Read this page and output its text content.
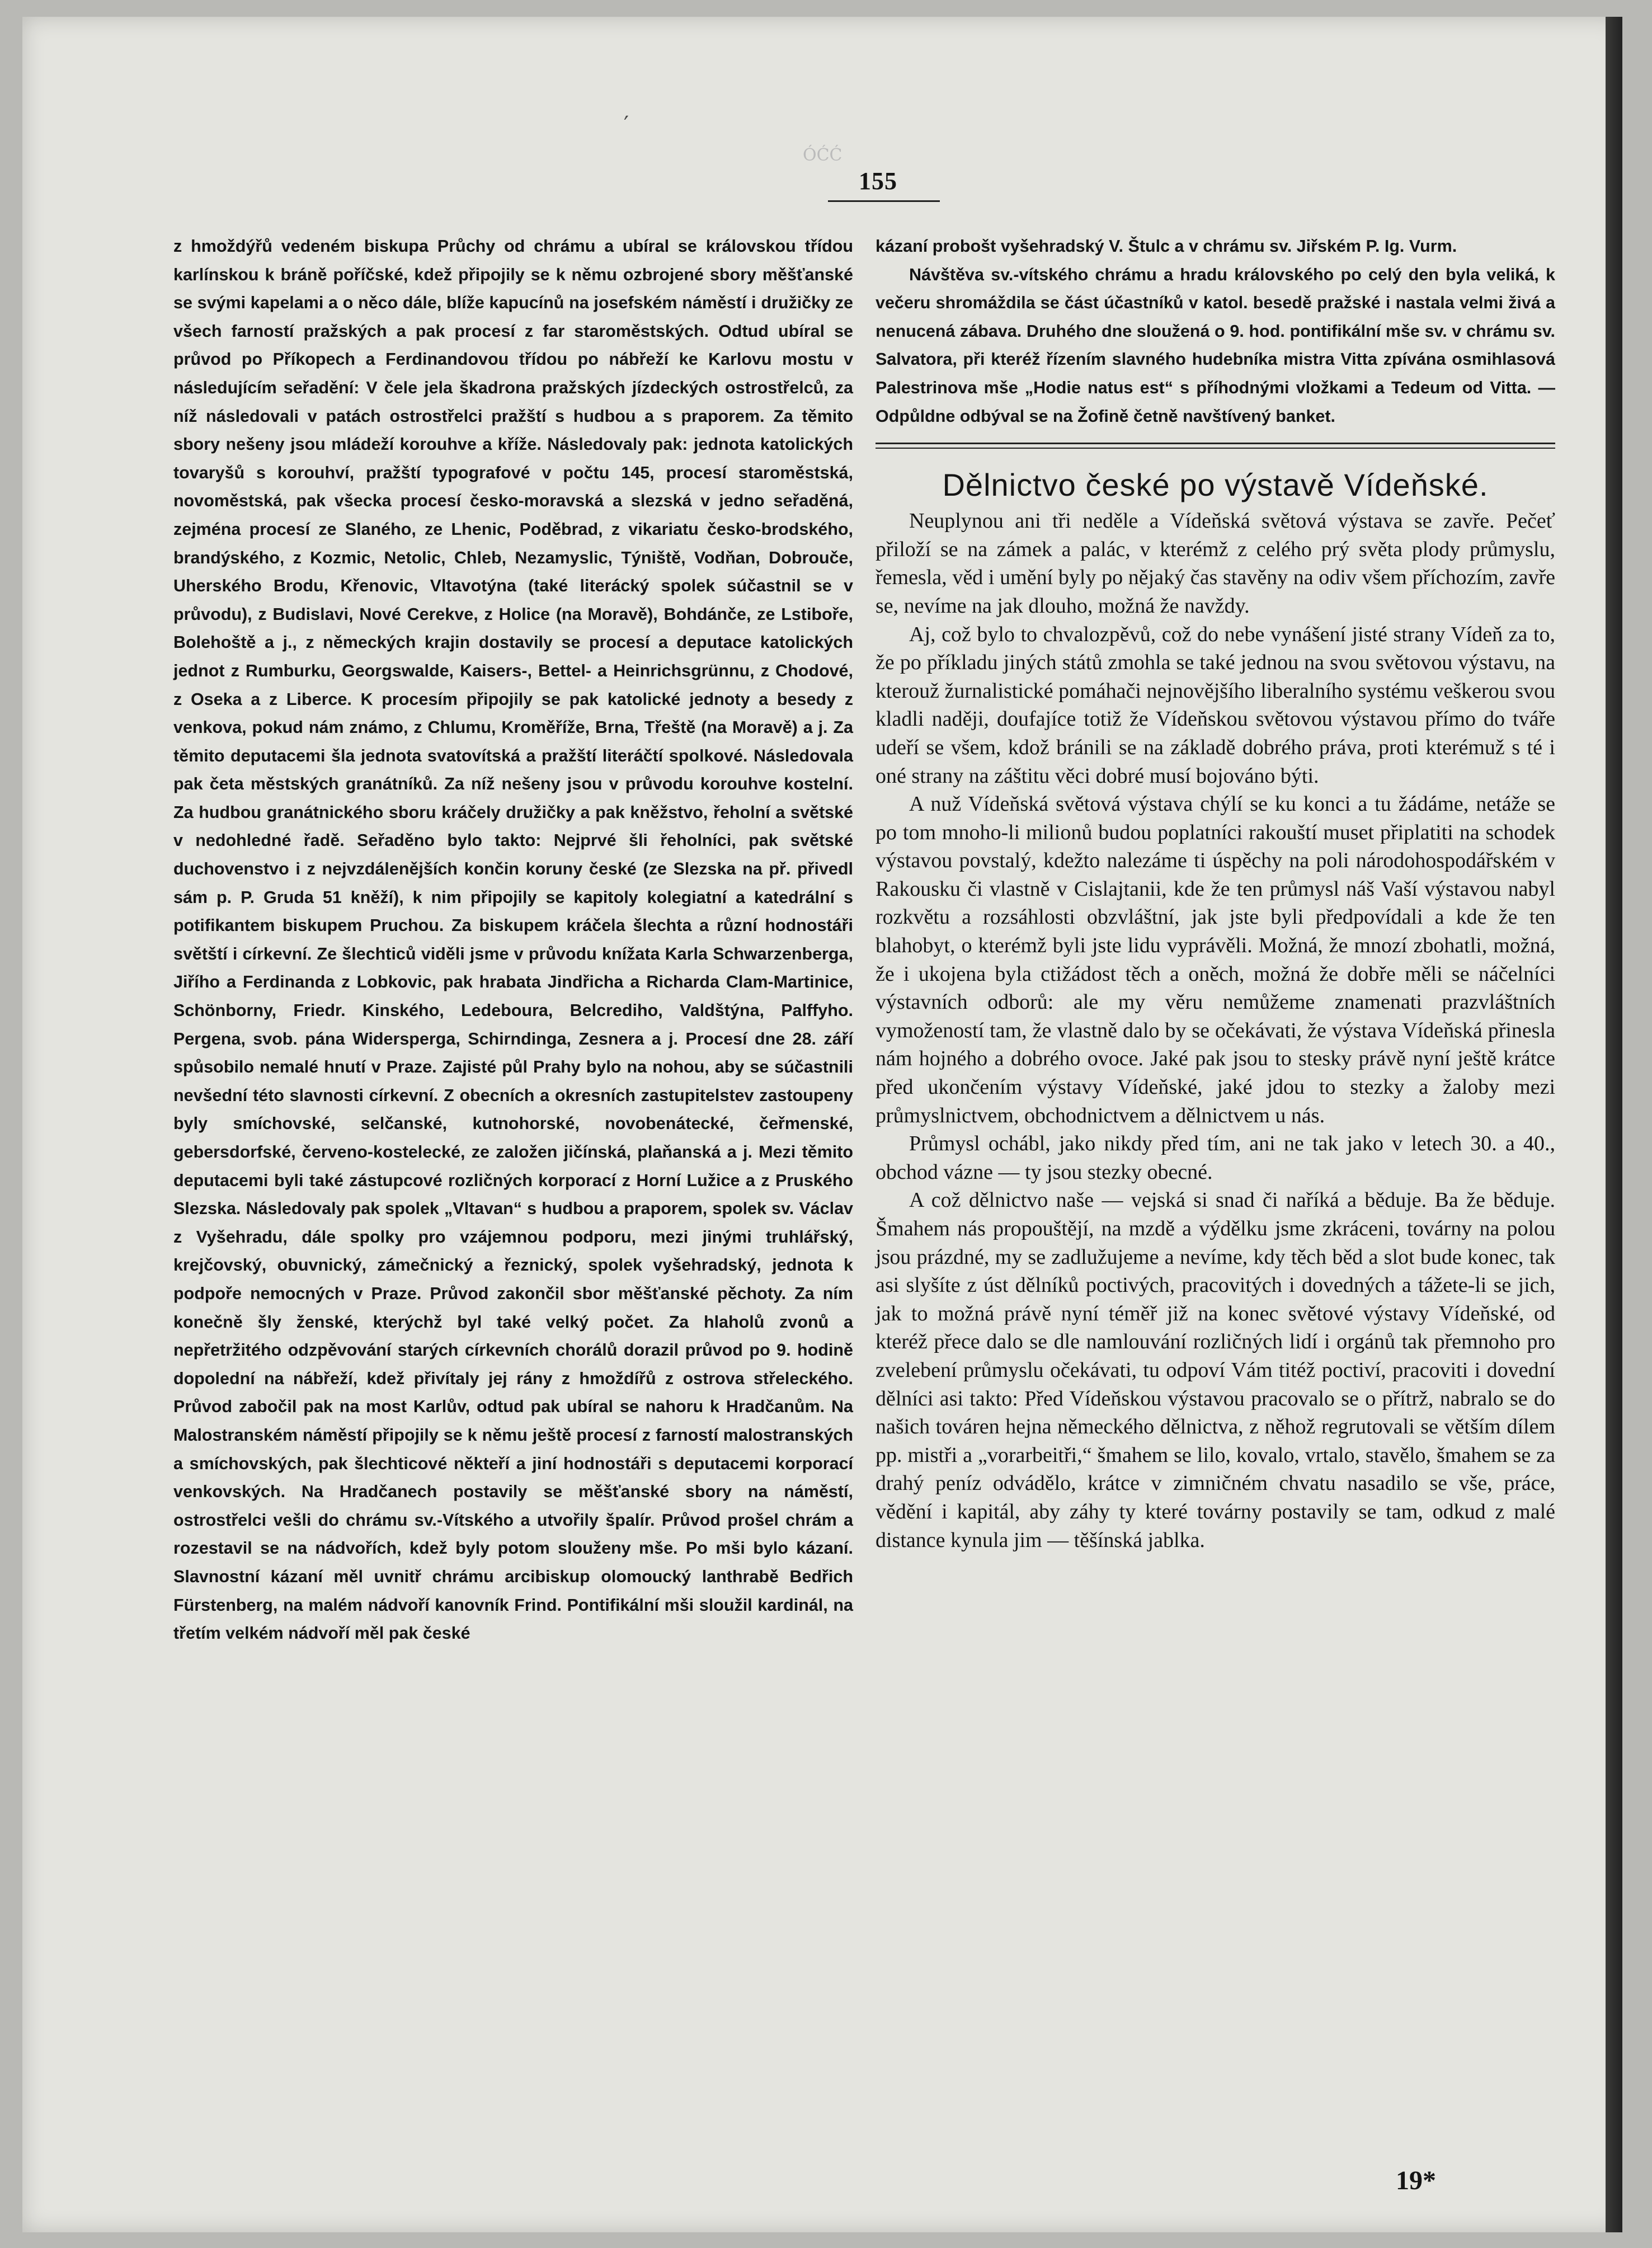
′
ÓĆĆ
155

z hmoždýřů vedeném biskupa Průchy od chrámu a ubíral se královskou třídou karlínskou k bráně poříčské, kdež připojily se k němu ozbrojené sbory měšťanské se svými kapelami a o něco dále, blíže kapucínů na josefském náměstí i družičky ze všech farností pražských a pak procesí z far staroměstských. Odtud ubíral se průvod po Příkopech a Ferdinandovou třídou po nábřeží ke Karlovu mostu v následujícím seřadění: V čele jela škadrona pražských jízdeckých ostrostřelců, za níž následovali v patách ostrostřelci pražští s hudbou a s praporem. Za těmito sbory nešeny jsou mládeží korouhve a kříže. Následovaly pak: jednota katolických tovaryšů s korouhví, pražští typografové v počtu 145, procesí staroměstská, novoměstská, pak všecka procesí česko-moravská a slezská v jedno seřaděná, zejména procesí ze Slaného, ze Lhenic, Poděbrad, z vikariatu česko-brodského, brandýského, z Kozmic, Netolic, Chleb, Nezamyslic, Týniště, Vodňan, Dobrouče, Uherského Brodu, Křenovic, Vltavotýna (také literácký spolek súčastnil se v průvodu), z Budislavi, Nové Cerekve, z Holice (na Moravě), Bohdánče, ze Lstiboře, Bolehoště a j., z německých krajin dostavily se procesí a deputace katolických jednot z Rumburku, Georgswalde, Kaisers-, Bettel- a Heinrichsgrünnu, z Chodové, z Oseka a z Liberce. K procesím připojily se pak katolické jednoty a besedy z venkova, pokud nám známo, z Chlumu, Kroměříže, Brna, Třeště (na Moravě) a j. Za těmito deputacemi šla jednota svatovítská a pražští literáčtí spolkové. Následovala pak četa městských granátníků. Za níž nešeny jsou v průvodu korouhve kostelní. Za hudbou granátnického sboru kráčely družičky a pak kněžstvo, řeholní a světské v nedohledné řadě. Seřaděno bylo takto: Nejprvé šli řeholníci, pak světské duchovenstvo i z nejvzdálenějších končin koruny české (ze Slezska na př. přivedl sám p. P. Gruda 51 kněží), k nim připojily se kapitoly kolegiatní a katedrální s potifikantem biskupem Pruchou. Za biskupem kráčela šlechta a různí hodnostáři světští i církevní. Ze šlechticů viděli jsme v průvodu knížata Karla Schwarzenberga, Jiřího a Ferdinanda z Lobkovic, pak hrabata Jindřicha a Richarda Clam-Martinice, Schönborny, Friedr. Kinského, Ledeboura, Belcrediho, Valdštýna, Palffyho. Pergena, svob. pána Widersperga, Schirndinga, Zesnera a j. Procesí dne 28. září spůsobilo nemalé hnutí v Praze. Zajisté půl Prahy bylo na nohou, aby se súčastnili nevšední této slavnosti církevní. Z obecních a okresních zastupitelstev zastoupeny byly smíchovské, selčanské, kutnohorské, novobenátecké, čeřmenské, gebersdorfské, červeno-kostelecké, ze založen jičínská, plaňanská a j. Mezi těmito deputacemi byli také zástupcové rozličných korporací z Horní Lužice a z Pruského Slezska. Následovaly pak spolek „Vltavan“ s hudbou a praporem, spolek sv. Václav z Vyšehradu, dále spolky pro vzájemnou podporu, mezi jinými truhlářský, krejčovský, obuvnický, zámečnický a řeznický, spolek vyšehradský, jednota k podpoře nemocných v Praze. Průvod zakončil sbor měšťanské pěchoty. Za ním konečně šly ženské, kterýchž byl také velký počet. Za hlaholů zvonů a nepřetržitého odzpěvování starých církevních chorálů dorazil průvod po 9. hodině dopolední na nábřeží, kdež přivítaly jej rány z hmoždířů z ostrova střeleckého. Průvod zabočil pak na most Karlův, odtud pak ubíral se nahoru k Hradčanům. Na Malostranském náměstí připojily se k němu ještě procesí z farností malostranských a smíchovských, pak šlechticové někteří a jiní hodnostáři s deputacemi korporací venkovských. Na Hradčanech postavily se měšťanské sbory na náměstí, ostrostřelci vešli do chrámu sv.-Vítského a utvořily špalír. Průvod prošel chrám a rozestavil se na nádvořích, kdež byly potom slouženy mše. Po mši bylo kázaní. Slavnostní kázaní měl uvnitř chrámu arcibiskup olomoucký lanthrabě Bedřich Fürstenberg, na malém nádvoří kanovník Frind. Pontifikální mši sloužil kardinál, na třetím velkém nádvoří měl pak české

kázaní probošt vyšehradský V. Štulc a v chrámu sv. Jiřském P. Ig. Vurm.

Návštěva sv.-vítského chrámu a hradu královského po celý den byla veliká, k večeru shromáždila se část účastníků v katol. besedě pražské i nastala velmi živá a nenucená zábava. Druhého dne sloužená o 9. hod. pontifikální mše sv. v chrámu sv. Salvatora, při kteréž řízením slavného hudebníka mistra Vitta zpívána osmihlasová Palestrinova mše „Hodie natus est“ s příhodnými vložkami a Tedeum od Vitta. — Odpůldne odbýval se na Žofině četně navštívený banket.

Dělnictvo české po výstavě Vídeňské.

Neuplynou ani tři neděle a Vídeňská světová výstava se zavře. Pečeť přiloží se na zámek a palác, v kterémž z celého prý světa plody průmyslu, řemesla, věd i umění byly po nějaký čas stavěny na odiv všem příchozím, zavře se, nevíme na jak dlouho, možná že navždy.

Aj, což bylo to chvalozpěvů, což do nebe vynášení jisté strany Vídeň za to, že po příkladu jiných států zmohla se také jednou na svou světovou výstavu, na kterouž žurnalistické pomáhači nejnovějšího liberalního systému veškerou svou kladli naději, doufajíce totiž že Vídeňskou světovou výstavou přímo do tváře udeří se všem, kdož bránili se na základě dobrého práva, proti kterémuž s té i oné strany na záštitu věci dobré musí bojováno býti.

A nuž Vídeňská světová výstava chýlí se ku konci a tu žádáme, netáže se po tom mnoho-li milionů budou poplatníci rakouští muset připlatiti na schodek výstavou povstalý, kdežto nalezáme ti úspěchy na poli národohospodářském v Rakousku či vlastně v Cislajtanii, kde že ten průmysl náš Vaší výstavou nabyl rozkvětu a rozsáhlosti obzvláštní, jak jste byli předpovídali a kde že ten blahobyt, o kterémž byli jste lidu vyprávěli. Možná, že mnozí zbohatli, možná, že i ukojena byla ctižádost těch a oněch, možná že dobře měli se náčelníci výstavních odborů: ale my věru nemůžeme znamenati prazvláštních vymožeností tam, že vlastně dalo by se očekávati, že výstava Vídeňská přinesla nám hojného a dobrého ovoce. Jaké pak jsou to stesky právě nyní ještě krátce před ukončením výstavy Vídeňské, jaké jdou to stezky a žaloby mezi průmyslnictvem, obchodnictvem a dělnictvem u nás.

Průmysl ochábl, jako nikdy před tím, ani ne tak jako v letech 30. a 40., obchod vázne — ty jsou stezky obecné.

A což dělnictvo naše — vejská si snad či naříká a běduje. Ba že běduje. Šmahem nás propouštějí, na mzdě a výdělku jsme zkráceni, továrny na polou jsou prázdné, my se zadlužujeme a nevíme, kdy těch běd a slot bude konec, tak asi slyšíte z úst dělníků poctivých, pracovitých i dovedných a tážete-li se jich, jak to možná právě nyní téměř již na konec světové výstavy Vídeňské, od kteréž přece dalo se dle namlouvání rozličných lidí i orgánů tak přemnoho pro zvelebení průmyslu očekávati, tu odpoví Vám titéž poctiví, pracoviti i dovední dělníci asi takto: Před Vídeňskou výstavou pracovalo se o přítrž, nabralo se do našich továren hejna německého dělnictva, z něhož regrutovali se větším dílem pp. mistři a „vorarbeitři,“ šmahem se lilo, kovalo, vrtalo, stavělo, šmahem se za drahý peníz odvádělo, krátce v zimničném chvatu nasadilo se vše, práce, vědění i kapitál, aby záhy ty které továrny postavily se tam, odkud z malé distance kynula jim — těšínská jablka.

19*
